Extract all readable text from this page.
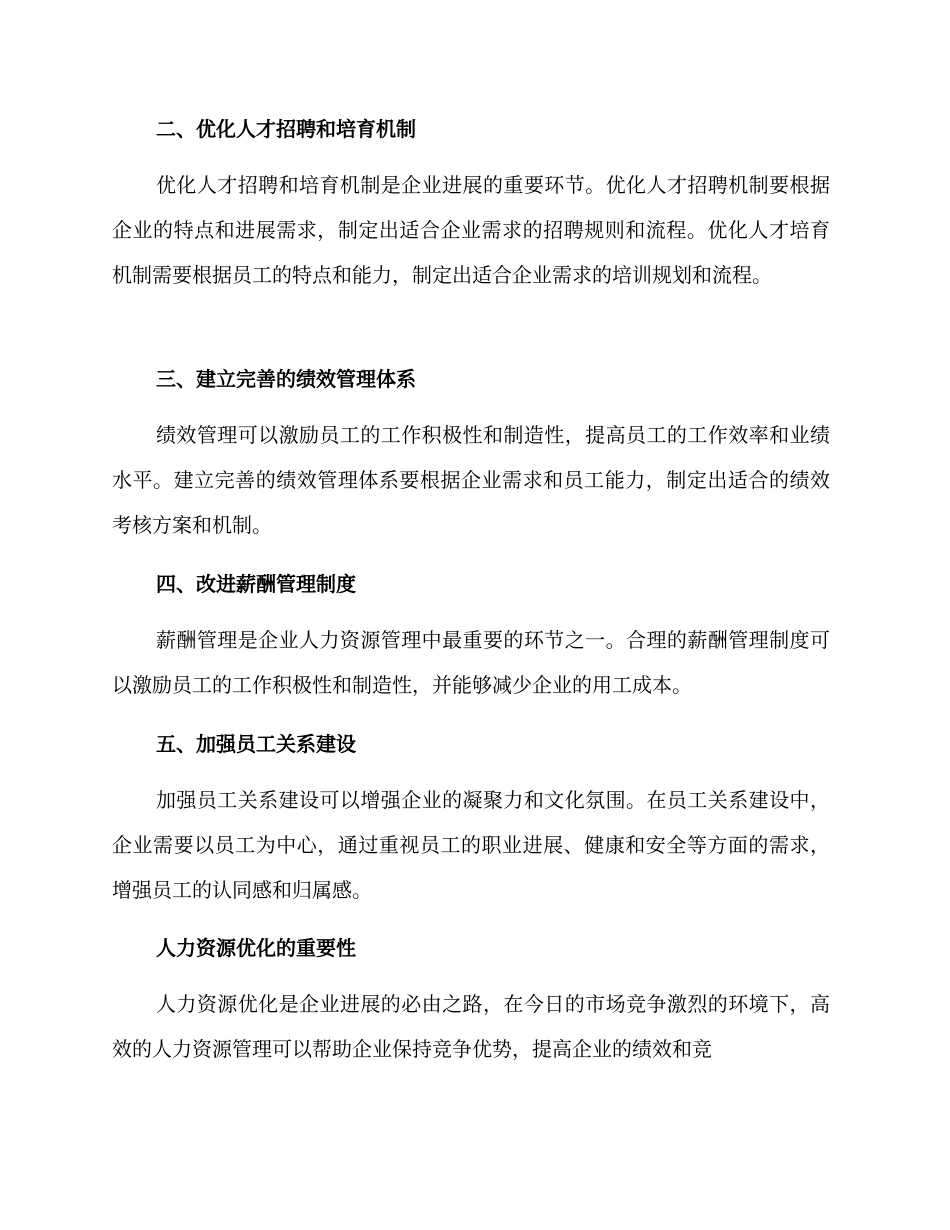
二、优化人才招聘和培育机制

优化人才招聘和培育机制是企业进展的重要环节。优化人才招聘机制要根据企业的特点和进展需求，制定出适合企业需求的招聘规则和流程。优化人才培育机制需要根据员工的特点和能力，制定出适合企业需求的培训规划和流程。

三、建立完善的绩效管理体系

绩效管理可以激励员工的工作积极性和制造性，提高员工的工作效率和业绩水平。建立完善的绩效管理体系要根据企业需求和员工能力，制定出适合的绩效考核方案和机制。

四、改进薪酬管理制度

薪酬管理是企业人力资源管理中最重要的环节之一。合理的薪酬管理制度可以激励员工的工作积极性和制造性，并能够减少企业的用工成本。

五、加强员工关系建设

加强员工关系建设可以增强企业的凝聚力和文化氛围。在员工关系建设中，企业需要以员工为中心，通过重视员工的职业进展、健康和安全等方面的需求，增强员工的认同感和归属感。

人力资源优化的重要性

人力资源优化是企业进展的必由之路，在今日的市场竞争激烈的环境下，高效的人力资源管理可以帮助企业保持竞争优势，提高企业的绩效和竞
